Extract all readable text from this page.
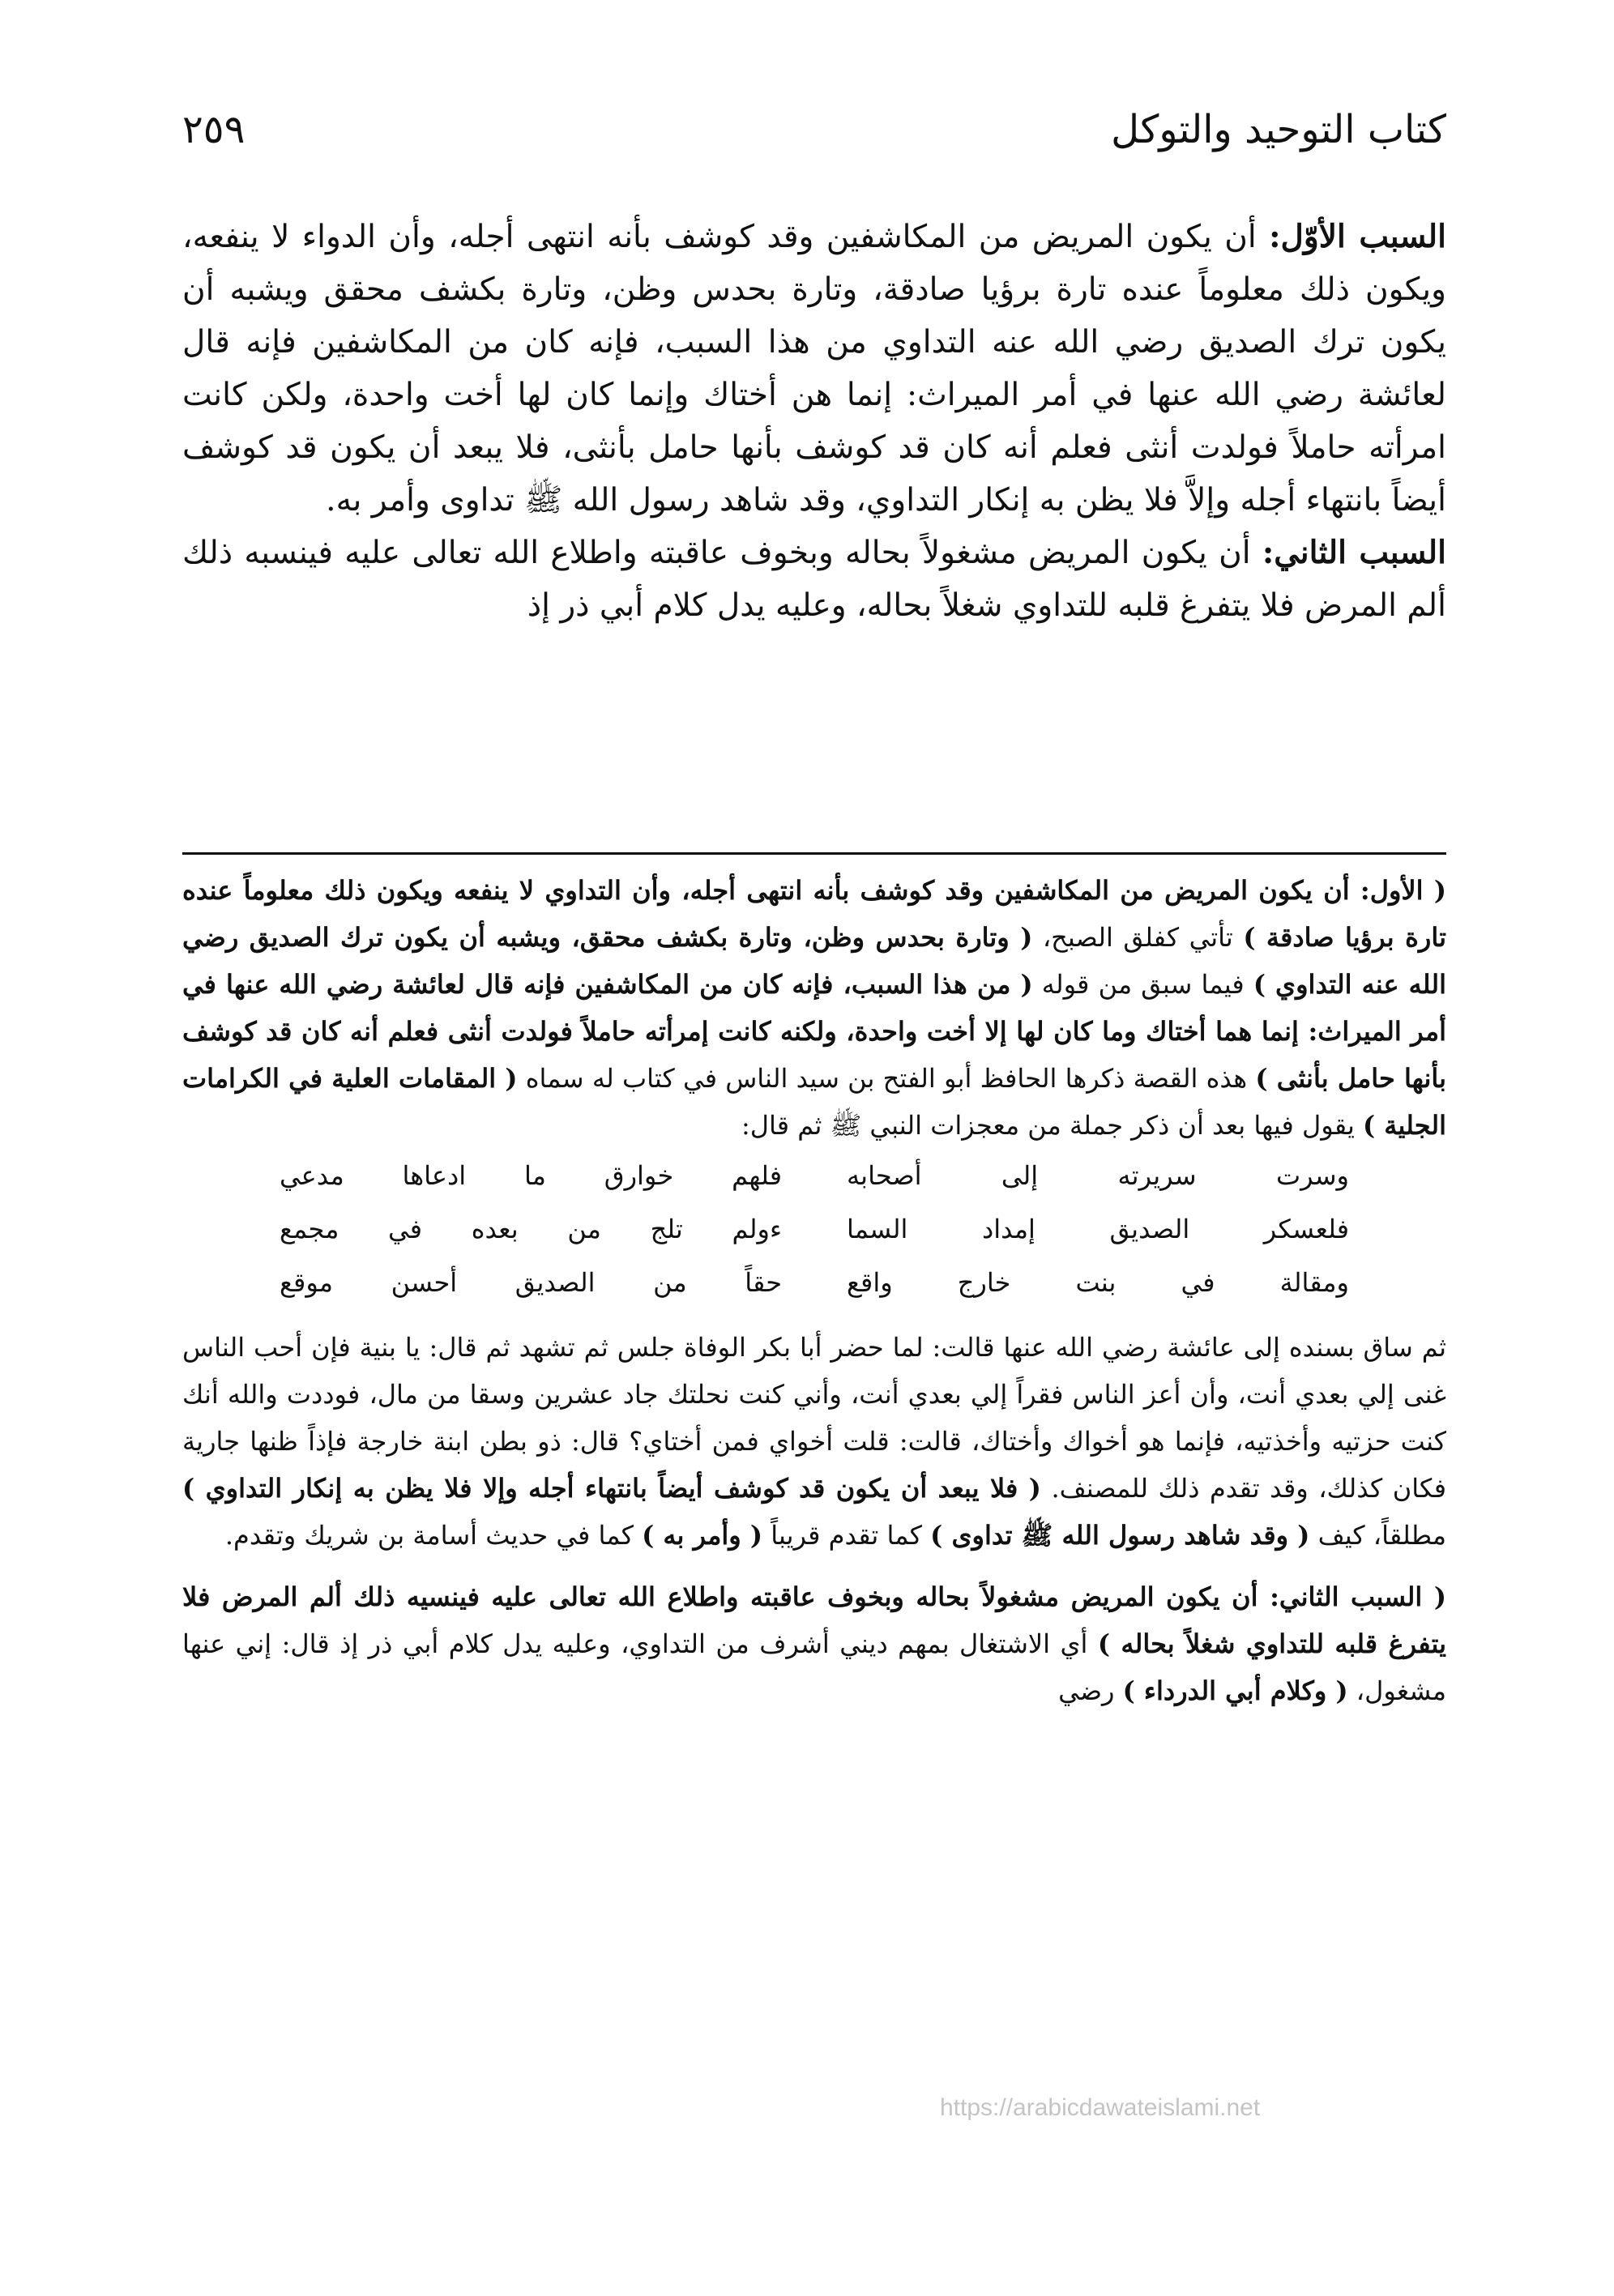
كتاب التوحيد والتوكل
٢٥٩

السبب الأوّل: أن يكون المريض من المكاشفين وقد كوشف بأنه انتهى أجله، وأن الدواء لا ينفعه، ويكون ذلك معلوماً عنده تارة برؤيا صادقة، وتارة بحدس وظن، وتارة بكشف محقق ويشبه أن يكون ترك الصديق رضي الله عنه التداوي من هذا السبب، فإنه كان من المكاشفين فإنه قال لعائشة رضي الله عنها في أمر الميراث: إنما هن أختاك وإنما كان لها أخت واحدة، ولكن كانت امرأته حاملاً فولدت أنثى فعلم أنه كان قد كوشف بأنها حامل بأنثى، فلا يبعد أن يكون قد كوشف أيضاً بانتهاء أجله وإلاَّ فلا يظن به إنكار التداوي، وقد شاهد رسول الله ﷺ تداوى وأمر به.

السبب الثاني: أن يكون المريض مشغولاً بحاله وبخوف عاقبته واطلاع الله تعالى عليه فينسبه ذلك ألم المرض فلا يتفرغ قلبه للتداوي شغلاً بحاله، وعليه يدل كلام أبي ذر إذ

( الأول: أن يكون المريض من المكاشفين وقد كوشف بأنه انتهى أجله، وأن التداوي لا ينفعه ويكون ذلك معلوماً عنده تارة برؤيا صادقة ) تأتي كفلق الصبح، ( وتارة بحدس وظن، وتارة بكشف محقق، ويشبه أن يكون ترك الصديق رضي الله عنه التداوي ) فيما سبق من قوله ( من هذا السبب، فإنه كان من المكاشفين فإنه قال لعائشة رضي الله عنها في أمر الميراث: إنما هما أختاك وما كان لها إلا أخت واحدة، ولكنه كانت إمرأته حاملاً فولدت أنثى فعلم أنه كان قد كوشف بأنها حامل بأنثى ) هذه القصة ذكرها الحافظ أبو الفتح بن سيد الناس في كتاب له سماه ( المقامات العلية في الكرامات الجلية ) يقول فيها بعد أن ذكر جملة من معجزات النبي ﷺ ثم قال:

وسرت سريرته إلى أصحابه
فلهم خوارق ما ادعاها مدعي
فلعسكر الصديق إمداد السما
ءولم تلج من بعده في مجمع
ومقالة في بنت خارج واقع
حقاً من الصديق أحسن موقع

ثم ساق بسنده إلى عائشة رضي الله عنها قالت: لما حضر أبا بكر الوفاة جلس ثم تشهد ثم قال: يا بنية فإن أحب الناس غنى إلي بعدي أنت، وأن أعز الناس فقراً إلي بعدي أنت، وأني كنت نحلتك جاد عشرين وسقا من مال، فوددت والله أنك كنت حزتيه وأخذتيه، فإنما هو أخواك وأختاك، قالت: قلت أخواي فمن أختاي؟ قال: ذو بطن ابنة خارجة فإذاً ظنها جارية فكان كذلك، وقد تقدم ذلك للمصنف. ( فلا يبعد أن يكون قد كوشف أيضاً بانتهاء أجله وإلا فلا يظن به إنكار التداوي ) مطلقاً، كيف ( وقد شاهد رسول الله ﷺ تداوى ) كما تقدم قريباً ( وأمر به ) كما في حديث أسامة بن شريك وتقدم.

( السبب الثاني: أن يكون المريض مشغولاً بحاله وبخوف عاقبته واطلاع الله تعالى عليه فينسيه ذلك ألم المرض فلا يتفرغ قلبه للتداوي شغلاً بحاله ) أي الاشتغال بمهم ديني أشرف من التداوي، وعليه يدل كلام أبي ذر إذ قال: إني عنها مشغول، ( وكلام أبي الدرداء ) رضي

https://arabicdawateislami.net
